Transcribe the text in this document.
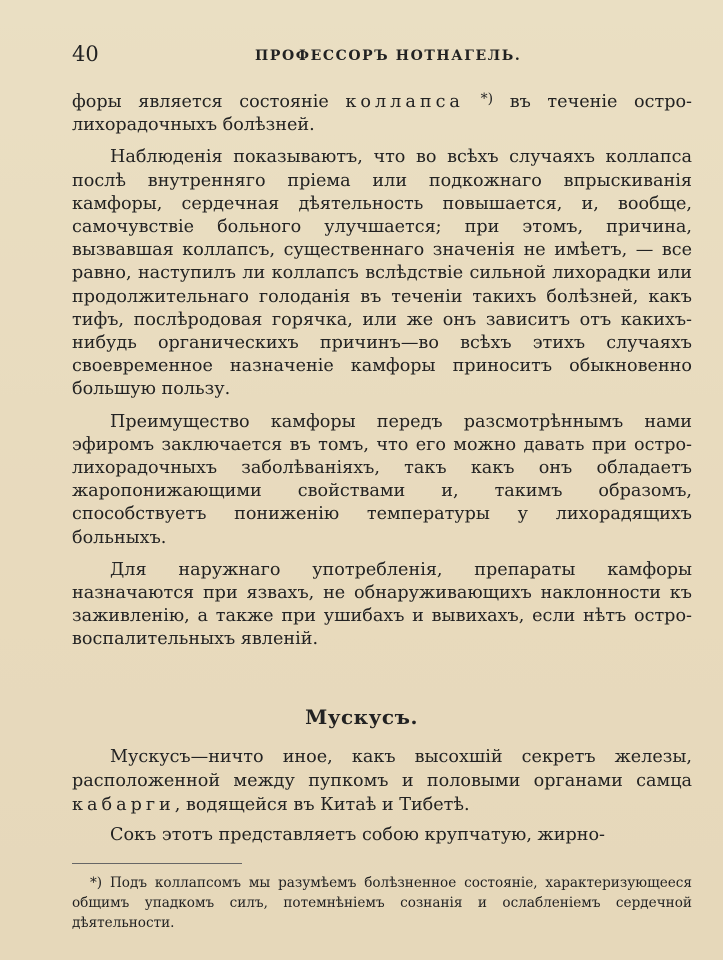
40	ПРОФЕССОРЪ НОТНАГЕЛЬ.

форы является состоянiе коллапса *) въ теченiе остро-лихорадочныхъ болѣзней.

Наблюденiя показываютъ, что во всѣхъ случаяхъ коллапса послѣ внутренняго прiема или подкожнаго впрыскиванiя камфоры, сердечная дѣятельность повышается, и, вообще, самочувствiе больного улучшается; при этомъ, причина, вызвавшая коллапсъ, существеннаго значенiя не имѣетъ, — все равно, наступилъ ли коллапсъ вслѣдствiе сильной лихорадки или продолжительнаго голоданiя въ теченiи такихъ болѣзней, какъ тифъ, послѣродовая горячка, или же онъ зависитъ отъ какихъ-нибудь органическихъ причинъ—во всѣхъ этихъ случаяхъ своевременное назначенiе камфоры приноситъ обыкновенно большую пользу.

Преимущество камфоры передъ разсмотрѣннымъ нами эфиромъ заключается въ томъ, что его можно давать при остро-лихорадочныхъ заболѣванiяхъ, такъ какъ онъ обладаетъ жаропонижающими свойствами и, такимъ образомъ, способствуетъ пониженiю температуры у лихорадящихъ больныхъ.

Для наружнаго употребленiя, препараты камфоры назначаются при язвахъ, не обнаруживающихъ наклонности къ заживленiю, а также при ушибахъ и вывихахъ, если нѣтъ остро-воспалительныхъ явленiй.

Мускусъ.

Мускусъ—ничто иное, какъ высохшiй секретъ железы, расположенной между пупкомъ и половыми органами самца кабарги, водящейся въ Китаѣ и Тибетѣ.

Сокъ этотъ представляетъ собою крупчатую, жирно-

*) Подъ коллапсомъ мы разумѣемъ болѣзненное состоянiе, характеризующееся общимъ упадкомъ силъ, потемнѣнiемъ сознанiя и ослабленiемъ сердечной дѣятельности.
